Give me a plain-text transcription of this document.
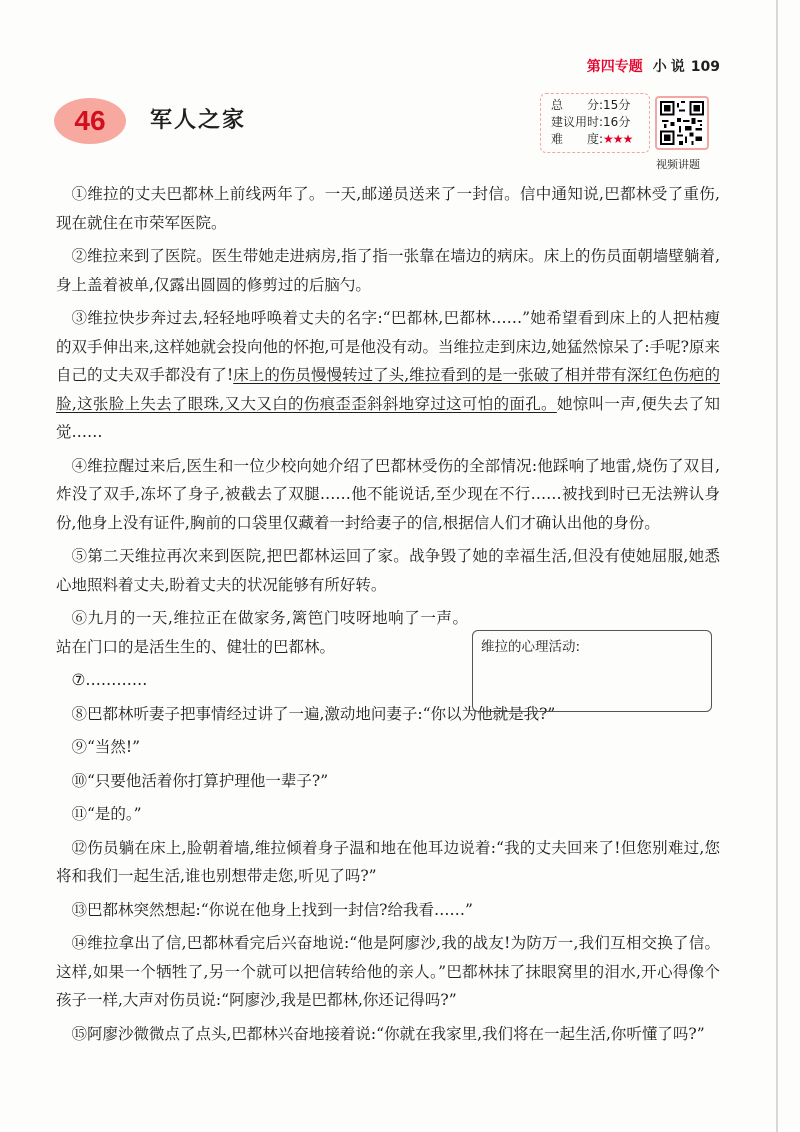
第四专题 小说 109
46 军人之家
总　　分:15分
建议用时:16分
难　　度:★★★
视频讲题

①维拉的丈夫巴都林上前线两年了。一天,邮递员送来了一封信。信中通知说,巴都林受了重伤,现在就住在市荣军医院。

②维拉来到了医院。医生带她走进病房,指了指一张靠在墙边的病床。床上的伤员面朝墙壁躺着,身上盖着被单,仅露出圆圆的修剪过的后脑勺。

③维拉快步奔过去,轻轻地呼唤着丈夫的名字:“巴都林,巴都林……”她希望看到床上的人把枯瘦的双手伸出来,这样她就会投向他的怀抱,可是他没有动。当维拉走到床边,她猛然惊呆了:手呢?原来自己的丈夫双手都没有了!床上的伤员慢慢转过了头,维拉看到的是一张破了相并带有深红色伤疤的脸,这张脸上失去了眼珠,又大又白的伤痕歪歪斜斜地穿过这可怕的面孔。她惊叫一声,便失去了知觉……

④维拉醒过来后,医生和一位少校向她介绍了巴都林受伤的全部情况:他踩响了地雷,烧伤了双目,炸没了双手,冻坏了身子,被截去了双腿……他不能说话,至少现在不行……被找到时已无法辨认身份,他身上没有证件,胸前的口袋里仅藏着一封给妻子的信,根据信人们才确认出他的身份。

⑤第二天维拉再次来到医院,把巴都林运回了家。战争毁了她的幸福生活,但没有使她屈服,她悉心地照料着丈夫,盼着丈夫的状况能够有所好转。

⑥九月的一天,维拉正在做家务,篱笆门吱呀地响了一声。站在门口的是活生生的、健壮的巴都林。

⑦…………

⑧巴都林听妻子把事情经过讲了一遍,激动地问妻子:“你以为他就是我?”

⑨“当然!”

⑩“只要他活着你打算护理他一辈子?”

⑪“是的。”

⑫伤员躺在床上,脸朝着墙,维拉倾着身子温和地在他耳边说着:“我的丈夫回来了!但您别难过,您将和我们一起生活,谁也别想带走您,听见了吗?”

⑬巴都林突然想起:“你说在他身上找到一封信?给我看……”

⑭维拉拿出了信,巴都林看完后兴奋地说:“他是阿廖沙,我的战友!为防万一,我们互相交换了信。这样,如果一个牺牲了,另一个就可以把信转给他的亲人。”巴都林抹了抹眼窝里的泪水,开心得像个孩子一样,大声对伤员说:“阿廖沙,我是巴都林,你还记得吗?”

⑮阿廖沙微微点了点头,巴都林兴奋地接着说:“你就在我家里,我们将在一起生活,你听懂了吗?”

维拉的心理活动:
